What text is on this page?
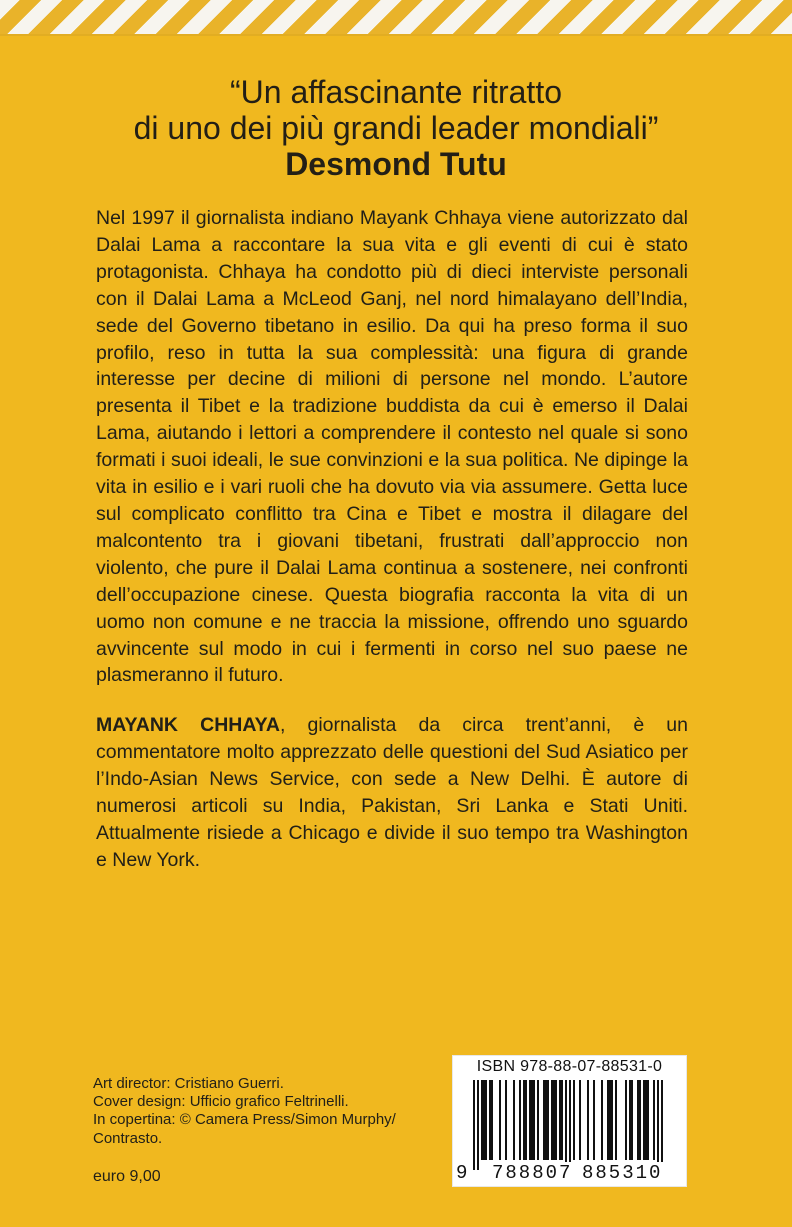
“Un affascinante ritratto
di uno dei più grandi leader mondiali”
Desmond Tutu

Nel 1997 il giornalista indiano Mayank Chhaya viene autorizzato dal Dalai Lama a raccontare la sua vita e gli eventi di cui è stato protagonista. Chhaya ha condotto più di dieci interviste personali con il Dalai Lama a McLeod Ganj, nel nord himalayano dell’India, sede del Governo tibetano in esilio. Da qui ha preso forma il suo profilo, reso in tutta la sua complessità: una figura di grande interesse per decine di milioni di persone nel mondo. L’autore presenta il Tibet e la tradizione buddista da cui è emerso il Dalai Lama, aiutando i lettori a comprendere il contesto nel quale si sono formati i suoi ideali, le sue convinzioni e la sua politica. Ne dipinge la vita in esilio e i vari ruoli che ha dovuto via via assumere. Getta luce sul complicato conflitto tra Cina e Tibet e mostra il dilagare del malcontento tra i giovani tibetani, frustrati dall’approccio non violento, che pure il Dalai Lama continua a sostenere, nei confronti dell’occupazione cinese. Questa biografia racconta la vita di un uomo non comune e ne traccia la missione, offrendo uno sguardo avvincente sul modo in cui i fermenti in corso nel suo paese ne plasmeranno il futuro.

MAYANK CHHAYA, giornalista da circa trent’anni, è un commentatore molto apprezzato delle questioni del Sud Asiatico per l’Indo-Asian News Service, con sede a New Delhi. È autore di numerosi articoli su India, Pakistan, Sri Lanka e Stati Uniti. Attualmente risiede a Chicago e divide il suo tempo tra Washington e New York.

Art director: Cristiano Guerri.
Cover design: Ufficio grafico Feltrinelli.
In copertina: © Camera Press/Simon Murphy/
Contrasto.
euro 9,00
ISBN 978-88-07-88531-0
9 788807 885310
